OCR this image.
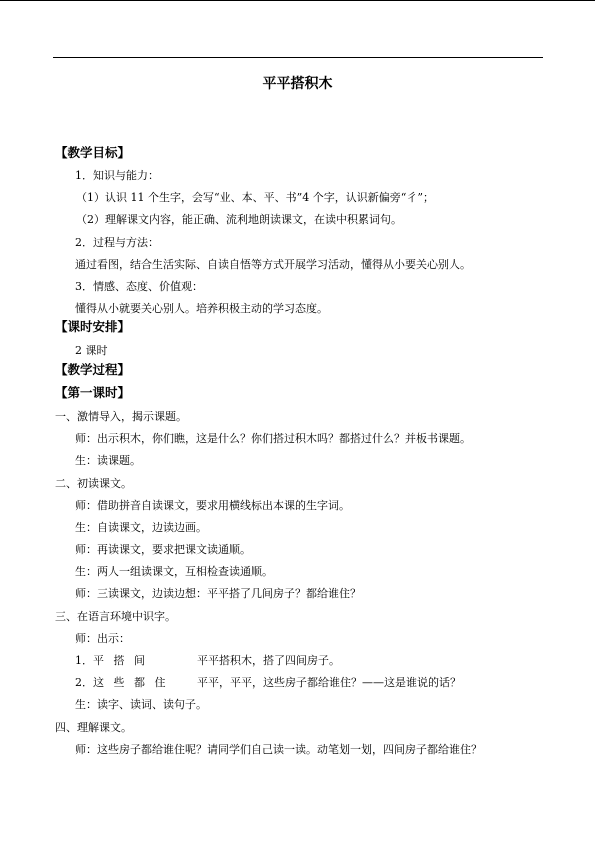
平平搭积木
【教学目标】
1．知识与能力：
（1）认识 11 个生字，会写“业、本、平、书”4 个字，认识新偏旁“彳”；
（2）理解课文内容，能正确、流利地朗读课文，在读中积累词句。
2．过程与方法：
通过看图，结合生活实际、自读自悟等方式开展学习活动，懂得从小要关心别人。
3．情感、态度、价值观：
懂得从小就要关心别人。培养积极主动的学习态度。
【课时安排】
2 课时
【教学过程】
【第一课时】
一、激情导入，揭示课题。
师：出示积木，你们瞧，这是什么？你们搭过积木吗？都搭过什么？并板书课题。
生：读课题。
二、初读课文。
师：借助拼音自读课文，要求用横线标出本课的生字词。
生：自读课文，边读边画。
师：再读课文，要求把课文读通顺。
生：两人一组读课文，互相检查读通顺。
师：三读课文，边读边想：平平搭了几间房子？都给谁住？
三、在语言环境中识字。
师：出示：
1．平 搭 间	平平搭积木，搭了四间房子。
2．这 些 都 住	平平，平平，这些房子都给谁住？——这是谁说的话？
生：读字、读词、读句子。
四、理解课文。
师：这些房子都给谁住呢？请同学们自己读一读。动笔划一划，四间房子都给谁住？
